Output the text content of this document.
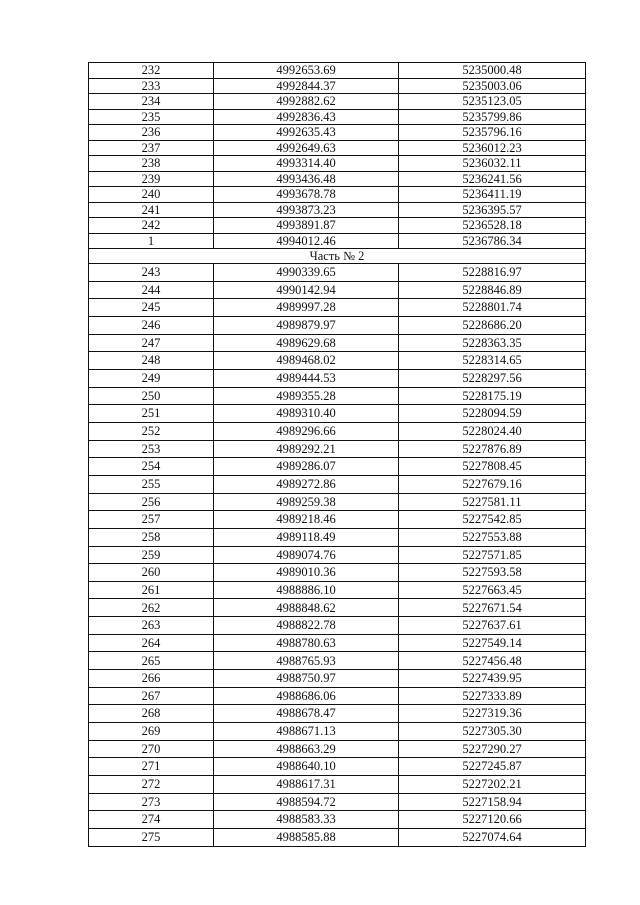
232	4992653.69	5235000.48
233	4992844.37	5235003.06
234	4992882.62	5235123.05
235	4992836.43	5235799.86
236	4992635.43	5235796.16
237	4992649.63	5236012.23
238	4993314.40	5236032.11
239	4993436.48	5236241.56
240	4993678.78	5236411.19
241	4993873.23	5236395.57
242	4993891.87	5236528.18
1	4994012.46	5236786.34
Часть № 2
243	4990339.65	5228816.97
244	4990142.94	5228846.89
245	4989997.28	5228801.74
246	4989879.97	5228686.20
247	4989629.68	5228363.35
248	4989468.02	5228314.65
249	4989444.53	5228297.56
250	4989355.28	5228175.19
251	4989310.40	5228094.59
252	4989296.66	5228024.40
253	4989292.21	5227876.89
254	4989286.07	5227808.45
255	4989272.86	5227679.16
256	4989259.38	5227581.11
257	4989218.46	5227542.85
258	4989118.49	5227553.88
259	4989074.76	5227571.85
260	4989010.36	5227593.58
261	4988886.10	5227663.45
262	4988848.62	5227671.54
263	4988822.78	5227637.61
264	4988780.63	5227549.14
265	4988765.93	5227456.48
266	4988750.97	5227439.95
267	4988686.06	5227333.89
268	4988678.47	5227319.36
269	4988671.13	5227305.30
270	4988663.29	5227290.27
271	4988640.10	5227245.87
272	4988617.31	5227202.21
273	4988594.72	5227158.94
274	4988583.33	5227120.66
275	4988585.88	5227074.64
